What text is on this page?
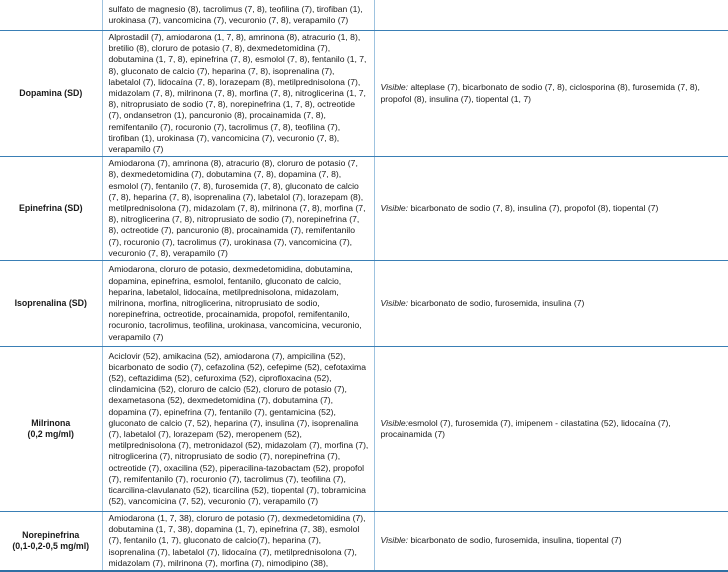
	sulfato de magnesio (8), tacrolimus (7, 8), teofilina (7), tirofiban (1), urokinasa (7), vancomicina (7), vecuronio (7, 8), verapamilo (7)	
Dopamina (SD)	Alprostadil (7), amiodarona (1, 7, 8), amrinona (8), atracurio (1, 8), bretilio (8), cloruro de potasio (7, 8), dexmedetomidina (7), dobutamina (1, 7, 8), epinefrina (7, 8), esmolol (7, 8), fentanilo (1, 7, 8), gluconato de calcio (7), heparina (7, 8), isoprenalina (7), labetalol (7), lidocaína (7, 8), lorazepam (8), metilprednisolona (7), midazolam (7, 8), milrinona (7, 8), morfina (7, 8), nitroglicerina (1, 7, 8), nitroprusiato de sodio (7, 8), norepinefrina (1, 7, 8), octreotide (7), ondansetron (1), pancuronio (8), procainamida (7, 8), remifentanilo (7), rocuronio (7), tacrolimus (7, 8), teofilina (7), tirofiban (1), urokinasa (7), vancomicina (7), vecuronio (7, 8), verapamilo (7)	Visible: alteplase (7), bicarbonato de sodio (7, 8), ciclosporina (8), furosemida (7, 8), propofol (8), insulina (7), tiopental (1, 7)
Epinefrina (SD)	Amiodarona (7), amrinona (8), atracurio (8), cloruro de potasio (7, 8), dexmedetomidina (7), dobutamina (7, 8), dopamina (7, 8), esmolol (7), fentanilo (7, 8), furosemida (7, 8), gluconato de calcio (7, 8), heparina (7, 8), isoprenalina (7), labetalol (7), lorazepam (8), metilprednisolona (7), midazolam (7, 8), milrinona (7, 8), morfina (7, 8), nitroglicerina (7, 8), nitroprusiato de sodio (7), norepinefrina (7, 8), octreotide (7), pancuronio (8), procainamida (7), remifentanilo (7), rocuronio (7), tacrolimus (7), urokinasa (7), vancomicina (7), vecuronio (7, 8), verapamilo (7)	Visible: bicarbonato de sodio (7, 8), insulina (7), propofol (8), tiopental (7)
Isoprenalina (SD)	Amiodarona, cloruro de potasio, dexmedetomidina, dobutamina, dopamina, epinefrina, esmolol, fentanilo, gluconato de calcio, heparina, labetalol, lidocaína, metilprednisolona, midazolam, milrinona, morfina, nitroglicerina, nitroprusiato de sodio, norepinefrina, octreotide, procainamida, propofol, remifentanilo, rocuronio, tacrolimus, teofilina, urokinasa, vancomicina, vecuronio, verapamilo (7)	Visible: bicarbonato de sodio, furosemida, insulina (7)
Milrinona
(0,2 mg/ml)	Aciclovir (52), amikacina (52), amiodarona (7), ampicilina (52), bicarbonato de sodio (7), cefazolina (52), cefepime (52), cefotaxima (52), ceftazidima (52), cefuroxima (52), ciprofloxacina (52), clindamicina (52), cloruro de calcio (52), cloruro de potasio (7), dexametasona (52), dexmedetomidina (7), dobutamina (7), dopamina (7), epinefrina (7), fentanilo (7), gentamicina (52), gluconato de calcio (7, 52), heparina (7), insulina (7), isoprenalina (7), labetalol (7), lorazepam (52), meropenem (52), metilprednisolona (7), metronidazol (52), midazolam (7), morfina (7), nitroglicerina (7), nitroprusiato de sodio (7), norepinefrina (7), octreotide (7), oxacilina (52), piperacilina-tazobactam (52), propofol (7), remifentanilo (7), rocuronio (7), tacrolimus (7), teofilina (7), ticarcilina-clavulanato (52), ticarcilina (52), tiopental (7), tobramicina (52), vancomicina (7, 52), vecuronio (7), verapamilo (7)	Visible:esmolol (7), furosemida (7), imipenem - cilastatina (52), lidocaína (7), procainamida (7)
Norepinefrina
(0,1-0,2-0,5 mg/ml)	Amiodarona (1, 7, 38), cloruro de potasio (7), dexmedetomidina (7), dobutamina (1, 7, 38), dopamina (1, 7), epinefrina (7, 38), esmolol (7), fentanilo (1, 7), gluconato de calcio(7), heparina (7), isoprenalina (7), labetalol (7), lidocaína (7), metilprednisolona (7), midazolam (7), milrinona (7), morfina (7), nimodipino (38),	Visible: bicarbonato de sodio, furosemida, insulina, tiopental (7)
